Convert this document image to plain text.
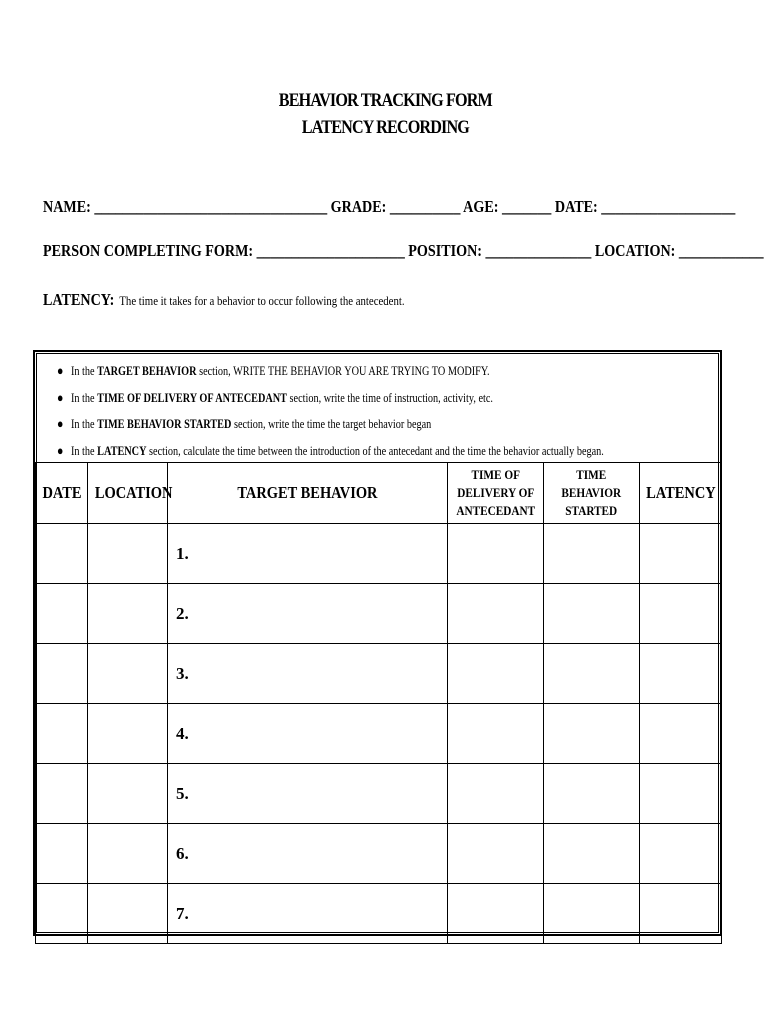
BEHAVIOR TRACKING FORM
LATENCY RECORDING
NAME: _________________________________ GRADE: __________ AGE: _______ DATE: ___________________
PERSON COMPLETING FORM: _____________________ POSITION: _______________ LOCATION: ____________
LATENCY: The time it takes for a behavior to occur following the antecedent.
● In the TARGET BEHAVIOR section, WRITE THE BEHAVIOR YOU ARE TRYING TO MODIFY.
● In the TIME OF DELIVERY OF ANTECEDANT section, write the time of instruction, activity, etc.
● In the TIME BEHAVIOR STARTED section, write the time the target behavior began
● In the LATENCY section, calculate the time between the introduction of the antecedant and the time the behavior actually began.
DATE	LOCATION	TARGET BEHAVIOR	TIME OF
DELIVERY OF
ANTECEDANT	TIME
BEHAVIOR
STARTED	LATENCY
		1.			
		2.			
		3.			
		4.			
		5.			
		6.			
		7.			
